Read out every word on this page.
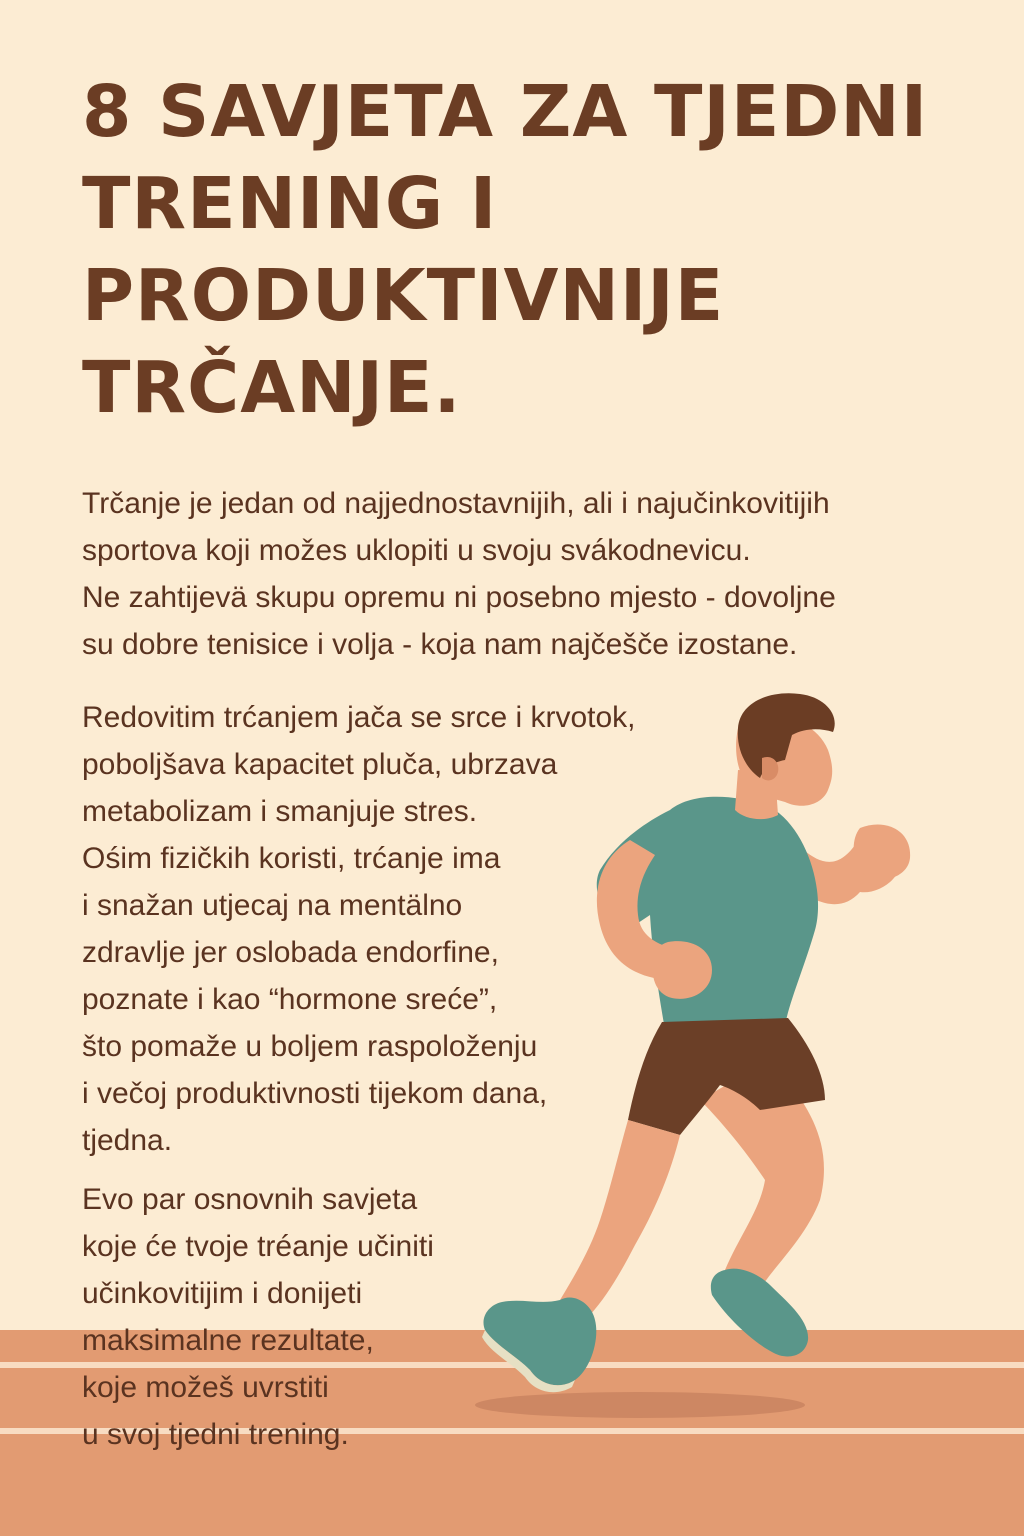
8 SAVJETA ZA TJEDNI
TRENING I
PRODUKTIVNIJE
TRČANJE.

Trčanje je jedan od najjednostavnijih, ali i najučinkovitijih
sportova koji možes uklopiti u svoju svákodnevicu.
Ne zahtijevä skupu opremu ni posebno mjesto - dovoljne
su dobre tenisice i volja - koja nam najčešče izostane.

Redovitim trćanjem jača se srce i krvotok,
poboljšava kapacitet pluča, ubrzava
metabolizam i smanjuje stres.
Ośim fizičkih koristi, trćanje ima
i snažan utjecaj na mentälno
zdravlje jer oslobada endorfine,
poznate i kao “hormone sreće”,
što pomaže u boljem raspoloženju
i večoj produktivnosti tijekom dana,
tjedna.

Evo par osnovnih savjeta
koje će tvoje tréanje učiniti
učinkovitijim i donijeti
maksimalne rezultate,
koje možeš uvrstiti
u svoj tjedni trening.
